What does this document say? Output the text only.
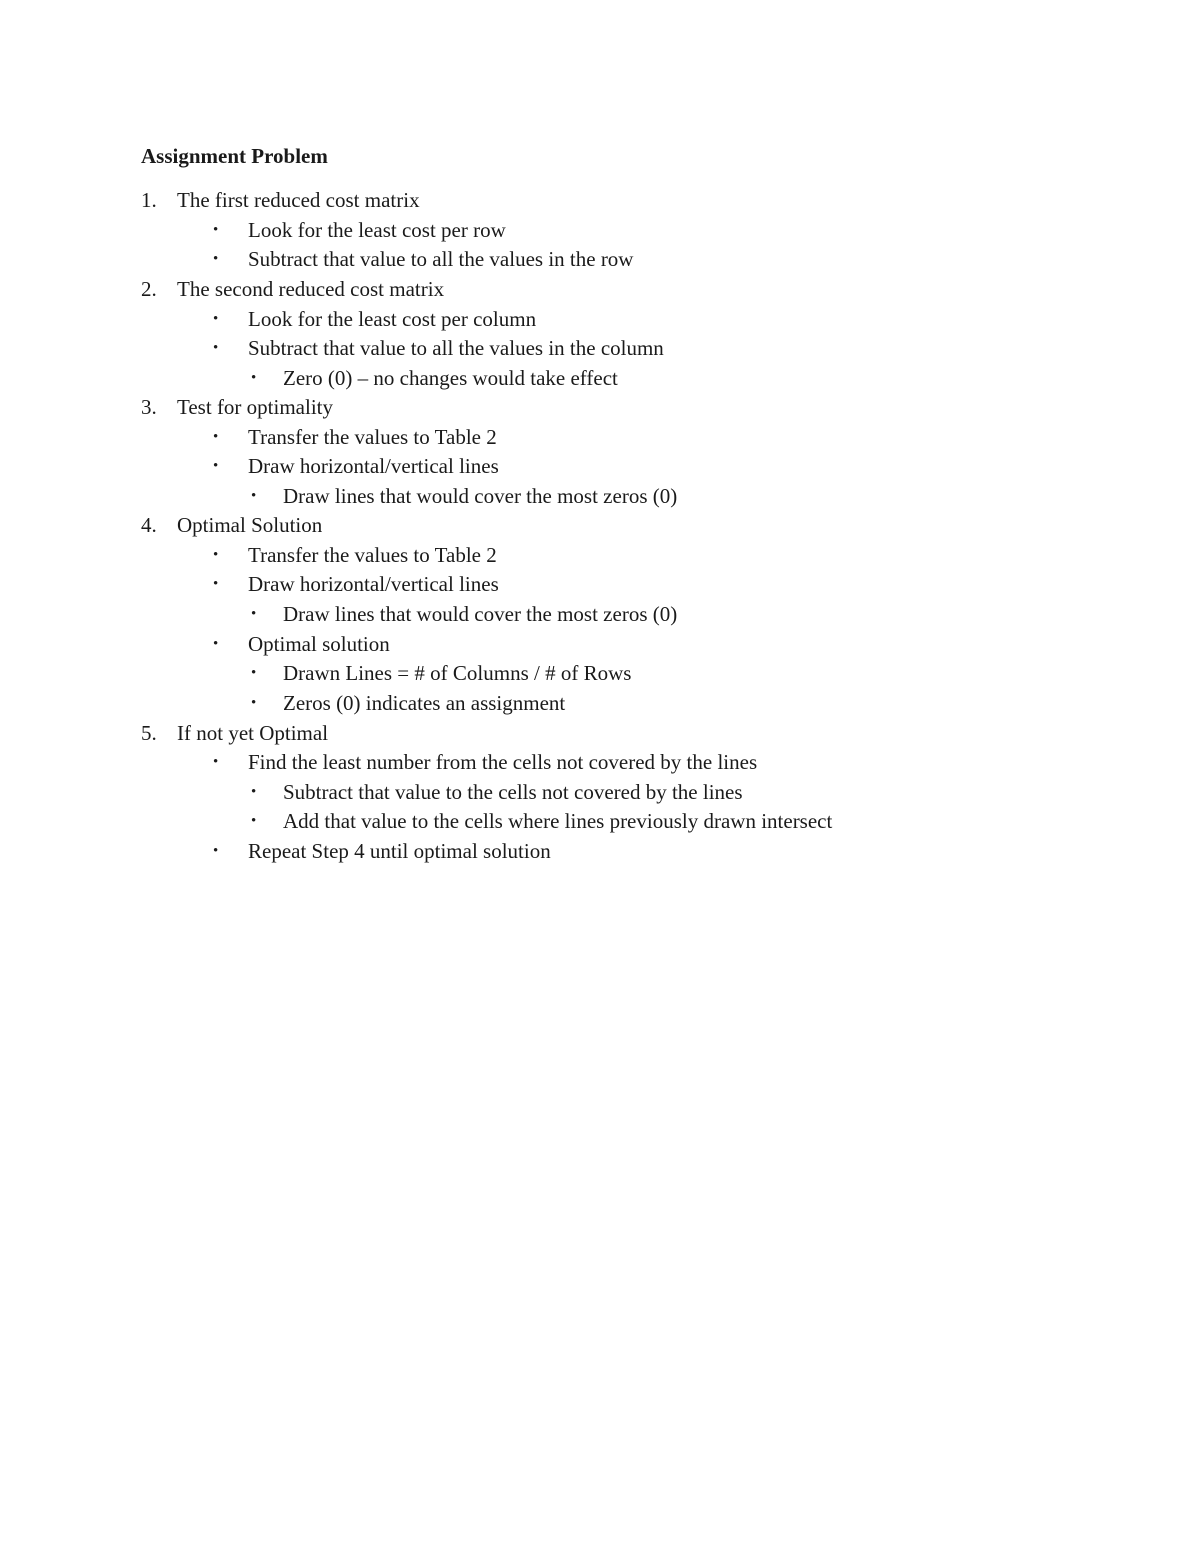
Assignment Problem
1. The first reduced cost matrix
• Look for the least cost per row
• Subtract that value to all the values in the row
2. The second reduced cost matrix
• Look for the least cost per column
• Subtract that value to all the values in the column
• Zero (0) – no changes would take effect
3. Test for optimality
• Transfer the values to Table 2
• Draw horizontal/vertical lines
• Draw lines that would cover the most zeros (0)
4. Optimal Solution
• Transfer the values to Table 2
• Draw horizontal/vertical lines
• Draw lines that would cover the most zeros (0)
• Optimal solution
• Drawn Lines = # of Columns / # of Rows
• Zeros (0) indicates an assignment
5. If not yet Optimal
• Find the least number from the cells not covered by the lines
• Subtract that value to the cells not covered by the lines
• Add that value to the cells where lines previously drawn intersect
• Repeat Step 4 until optimal solution
